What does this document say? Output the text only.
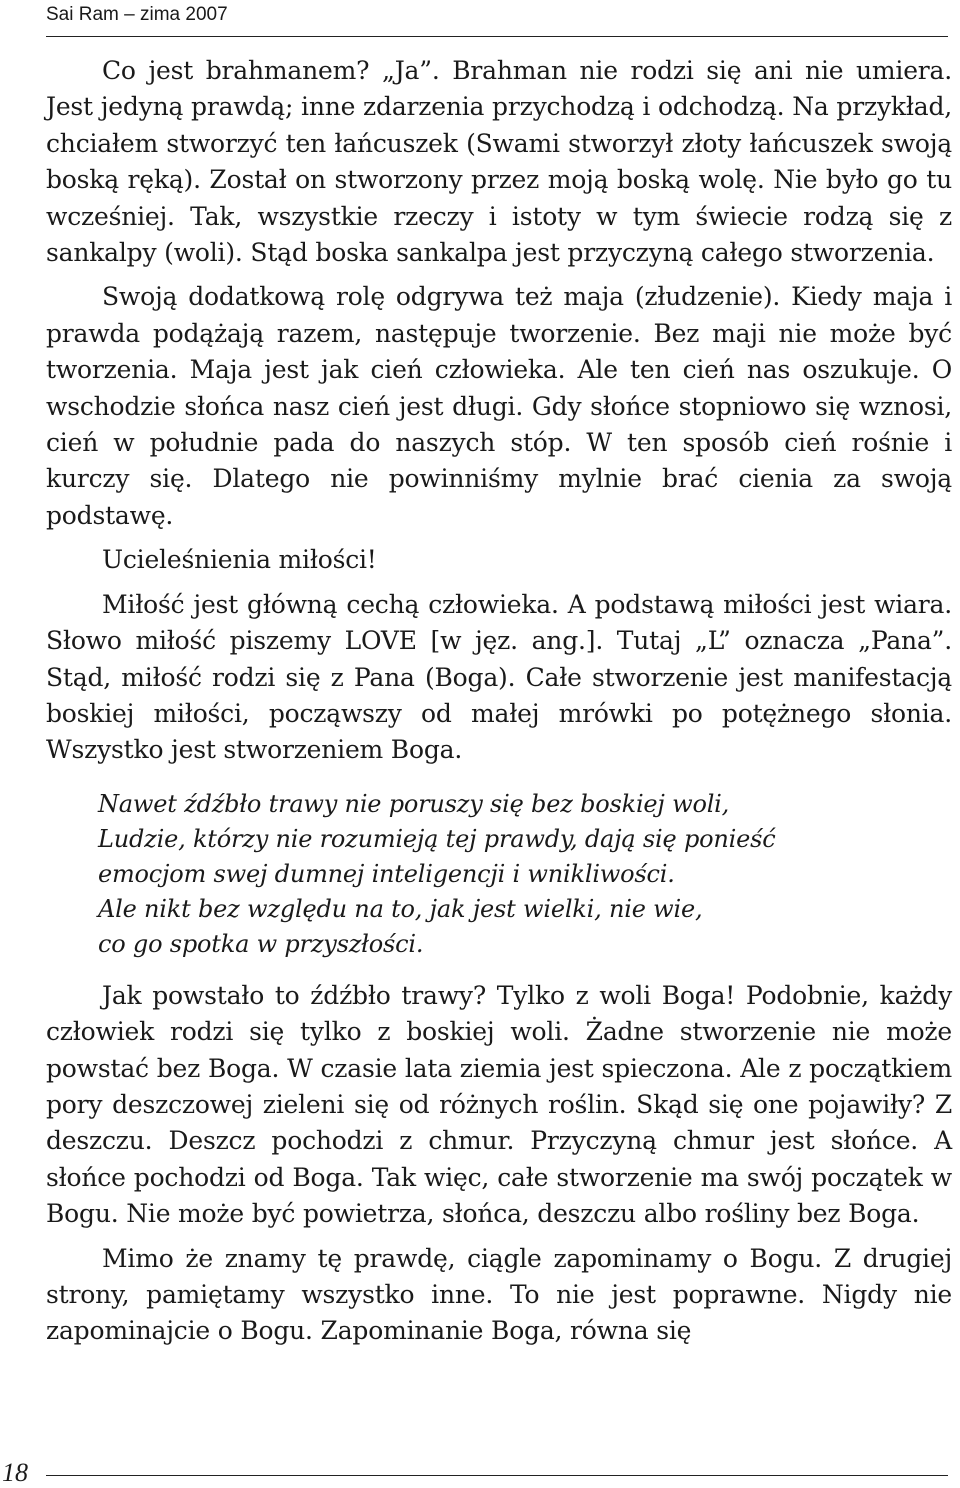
Sai Ram – zima 2007

Co jest brahmanem? „Ja”. Brahman nie rodzi się ani nie umiera. Jest jedyną prawdą; inne zdarzenia przychodzą i odchodzą. Na przykład, chciałem stworzyć ten łańcuszek (Swami stworzył złoty łańcuszek swoją boską ręką). Został on stworzony przez moją boską wolę. Nie było go tu wcześniej. Tak, wszystkie rzeczy i istoty w tym świecie rodzą się z sankalpy (woli). Stąd boska sankalpa jest przyczyną całego stworzenia.

Swoją dodatkową rolę odgrywa też maja (złudzenie). Kiedy maja i prawda podążają razem, następuje tworzenie. Bez maji nie może być tworzenia. Maja jest jak cień człowieka. Ale ten cień nas oszukuje. O wschodzie słońca nasz cień jest długi. Gdy słońce stopniowo się wznosi, cień w południe pada do naszych stóp. W ten sposób cień rośnie i kurczy się. Dlatego nie powinniśmy mylnie brać cienia za swoją podstawę.

Ucieleśnienia miłości!

Miłość jest główną cechą człowieka. A podstawą miłości jest wiara. Słowo miłość piszemy LOVE [w jęz. ang.]. Tutaj „L” oznacza „Pana”. Stąd, miłość rodzi się z Pana (Boga). Całe stworzenie jest manifestacją boskiej miłości, począwszy od małej mrówki po potężnego słonia. Wszystko jest stworzeniem Boga.

Nawet źdźbło trawy nie poruszy się bez boskiej woli,
Ludzie, którzy nie rozumieją tej prawdy, dają się ponieść
emocjom swej dumnej inteligencji i wnikliwości.
Ale nikt bez względu na to, jak jest wielki, nie wie,
co go spotka w przyszłości.

Jak powstało to źdźbło trawy? Tylko z woli Boga! Podobnie, każdy człowiek rodzi się tylko z boskiej woli. Żadne stworzenie nie może powstać bez Boga. W czasie lata ziemia jest spieczona. Ale z początkiem pory deszczowej zieleni się od różnych roślin. Skąd się one pojawiły? Z deszczu. Deszcz pochodzi z chmur. Przyczyną chmur jest słońce. A słońce pochodzi od Boga. Tak więc, całe stworzenie ma swój początek w Bogu. Nie może być powietrza, słońca, deszczu albo rośliny bez Boga.

Mimo że znamy tę prawdę, ciągle zapominamy o Bogu. Z drugiej strony, pamiętamy wszystko inne. To nie jest poprawne. Nigdy nie zapominajcie o Bogu. Zapominanie Boga, równa się

18
